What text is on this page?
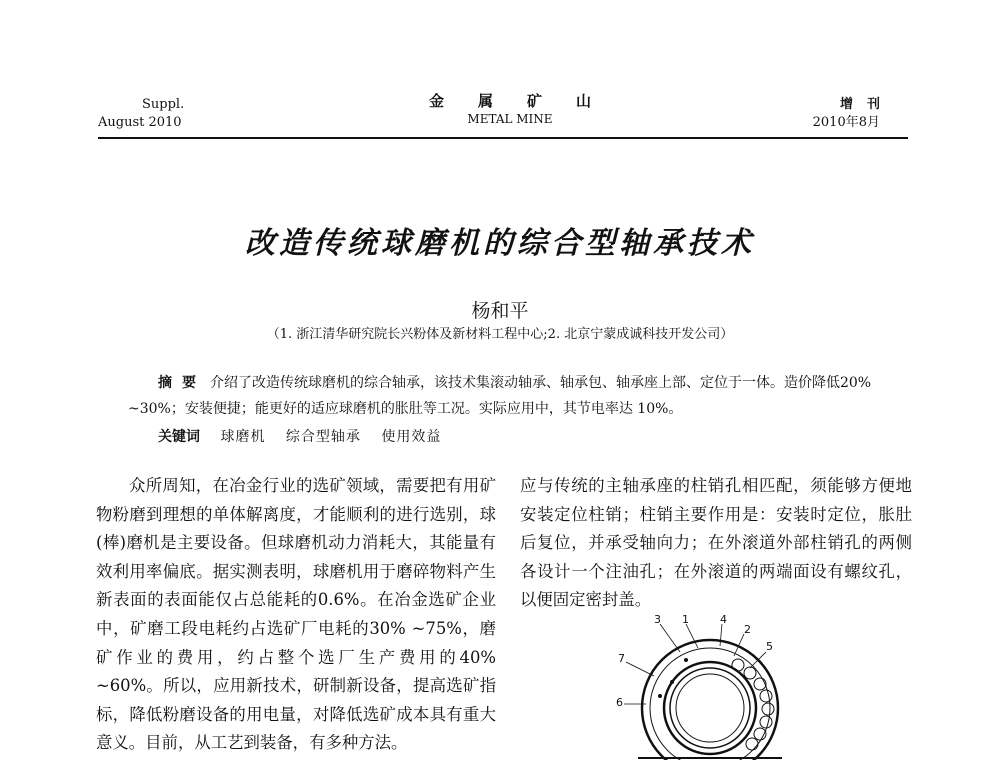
Suppl.
August 2010
金属矿山
METAL MINE
增刊
2010年8月
改造传统球磨机的综合型轴承技术
杨和平
（1. 浙江清华研究院长兴粉体及新材料工程中心;2. 北京宁蒙成诚科技开发公司）
摘要 介绍了改造传统球磨机的综合轴承，该技术集滚动轴承、轴承包、轴承座上部、定位于一体。造价降低20% ~30%；安装便捷；能更好的适应球磨机的胀肚等工况。实际应用中，其节电率达 10%。
关键词 球磨机 综合型轴承 使用效益
众所周知，在冶金行业的选矿领域，需要把有用矿物粉磨到理想的单体解离度，才能顺利的进行选别，球(棒)磨机是主要设备。但球磨机动力消耗大，其能量有效利用率偏底。据实测表明，球磨机用于磨碎物料产生新表面的表面能仅占总能耗的0.6%。在冶金选矿企业中，矿磨工段电耗约占选矿厂电耗的30% ~75%，磨矿作业的费用，约占整个选厂生产费用的40% ~60%。所以，应用新技术，研制新设备，提高选矿指标，降低粉磨设备的用电量，对降低选矿成本具有重大意义。目前，从工艺到装备，有多种方法。
应与传统的主轴承座的柱销孔相匹配，须能够方便地安装定位柱销；柱销主要作用是：安装时定位，胀肚后复位，并承受轴向力；在外滚道外部柱销孔的两侧各设计一个注油孔；在外滚道的两端面设有螺纹孔，以便固定密封盖。
3 1	4
2
5
7
6
